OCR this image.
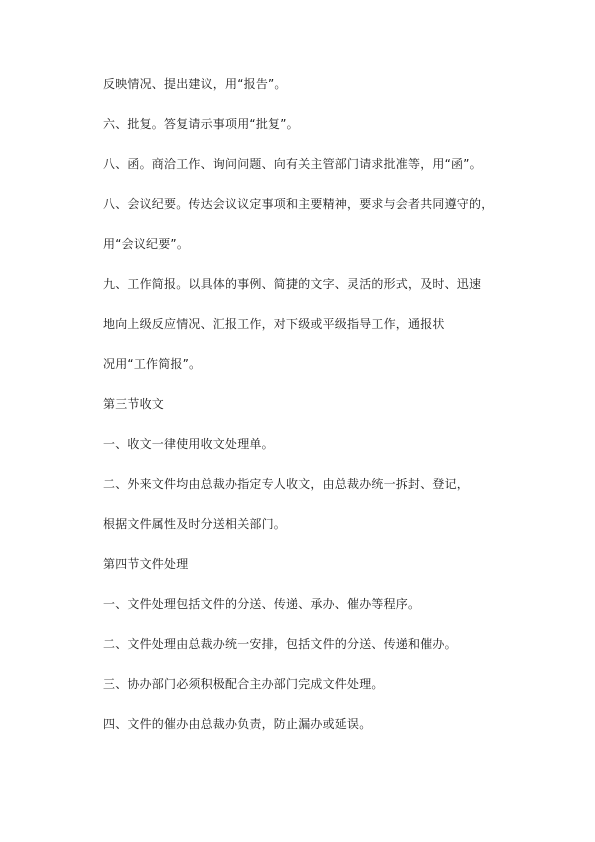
反映情况、提出建议，用“报告”。
六、批复。答复请示事项用“批复”。
八、函。商洽工作、询问问题、向有关主管部门请求批准等，用“函”。
八、会议纪要。传达会议议定事项和主要精神，要求与会者共同遵守的，
用“会议纪要”。
九、工作简报。以具体的事例、简捷的文字、灵活的形式，及时、迅速
地向上级反应情况、汇报工作，对下级或平级指导工作，通报状
况用“工作简报”。
第三节收文
一、收文一律使用收文处理单。
二、外来文件均由总裁办指定专人收文，由总裁办统一拆封、登记，
根据文件属性及时分送相关部门。
第四节文件处理
一、文件处理包括文件的分送、传递、承办、催办等程序。
二、文件处理由总裁办统一安排，包括文件的分送、传递和催办。
三、协办部门必须积极配合主办部门完成文件处理。
四、文件的催办由总裁办负责，防止漏办或延误。
